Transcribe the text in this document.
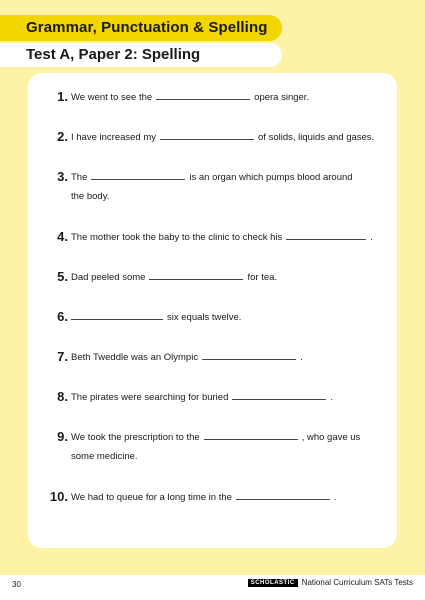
Grammar, Punctuation & Spelling
Test A, Paper 2: Spelling
1. We went to see the	opera singer.
2. I have increased my	of solids, liquids and gases.
3. The	is an organ which pumps blood around
the body.
4. The mother took the baby to the clinic to check his	.
5. Dad peeled some	for tea.
6.	six equals twelve.
7. Beth Tweddle was an Olympic	.
8. The pirates were searching for buried	.
9. We took the prescription to the	, who gave us
some medicine.
10. We had to queue for a long time in the	.
30	SCHOLASTIC National Curriculum SATs Tests
